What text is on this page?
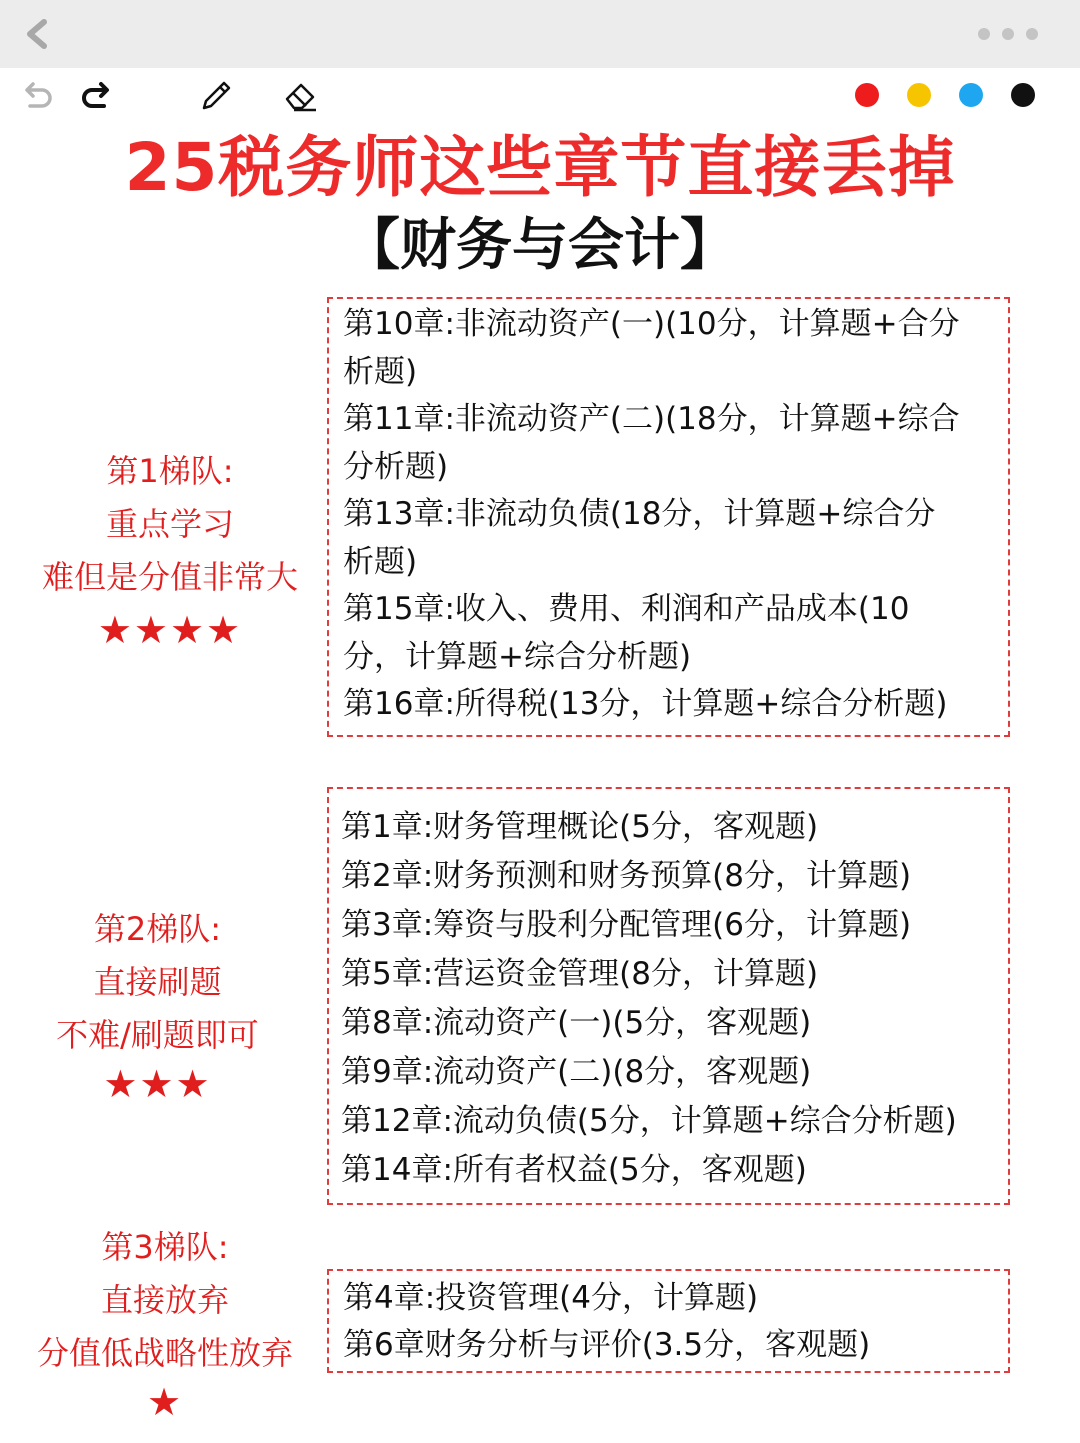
25税务师这些章节直接丢掉
【财务与会计】
第1梯队:
重点学习
难但是分值非常大
★★★★
第10章:非流动资产(一)(10分，计算题+合分
析题)
第11章:非流动资产(二)(18分，计算题+综合
分析题)
第13章:非流动负债(18分，计算题+综合分
析题)
第15章:收入、费用、利润和产品成本(10
分，计算题+综合分析题)
第16章:所得税(13分，计算题+综合分析题)
第2梯队:
直接刷题
不难/刷题即可
★★★
第1章:财务管理概论(5分，客观题)
第2章:财务预测和财务预算(8分，计算题)
第3章:筹资与股利分配管理(6分，计算题)
第5章:营运资金管理(8分，计算题)
第8章:流动资产(一)(5分，客观题)
第9章:流动资产(二)(8分，客观题)
第12章:流动负债(5分，计算题+综合分析题)
第14章:所有者权益(5分，客观题)
第3梯队:
直接放弃
分值低战略性放弃
★
第4章:投资管理(4分，计算题)
第6章财务分析与评价(3.5分，客观题)
